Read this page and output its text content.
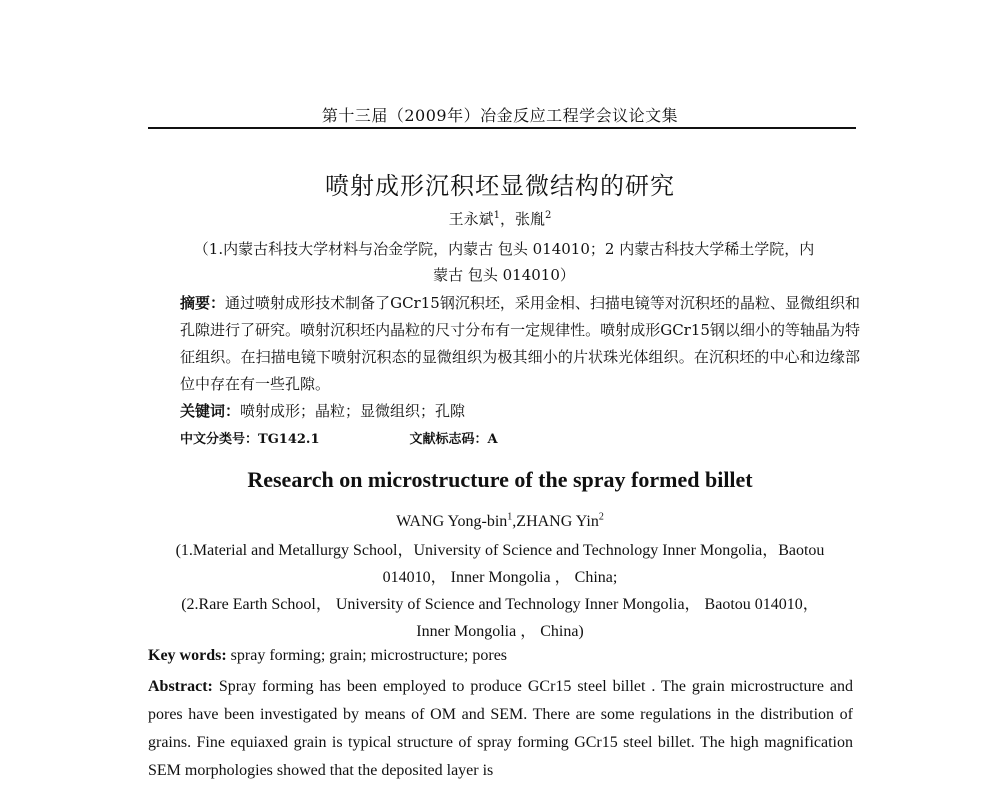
第十三届（2009年）冶金反应工程学会议论文集
喷射成形沉积坯显微结构的研究
王永斌$^1$，张胤$^2$
（1.内蒙古科技大学材料与冶金学院，内蒙古 包头 014010；2 内蒙古科技大学稀土学院，内
蒙古 包头 014010）
摘要：通过喷射成形技术制备了GCr15钢沉积坯，采用金相、扫描电镜等对沉积坯的晶粒、显微组织和孔隙进行了研究。喷射沉积坯内晶粒的尺寸分布有一定规律性。喷射成形GCr15钢以细小的等轴晶为特征组织。在扫描电镜下喷射沉积态的显微组织为极其细小的片状珠光体组织。在沉积坯的中心和边缘部位中存在有一些孔隙。
关键词：喷射成形；晶粒；显微组织；孔隙
中文分类号：TG142.1	文献标志码：A
Research on microstructure of the spray formed billet
WANG Yong-bin$^1$,ZHANG Yin$^2$
(1.Material and Metallurgy School，University of Science and Technology Inner Mongolia，Baotou
014010， Inner Mongolia ， China;
(2.Rare Earth School， University of Science and Technology Inner Mongolia， Baotou 014010，
Inner Mongolia ， China)
Key words: spray forming; grain; microstructure; pores
Abstract: Spray forming has been employed to produce GCr15 steel billet . The grain microstructure and pores have been investigated by means of OM and SEM. There are some regulations in the distribution of grains. Fine equiaxed grain is typical structure of spray forming GCr15 steel billet. The high magnification SEM morphologies showed that the deposited layer is
